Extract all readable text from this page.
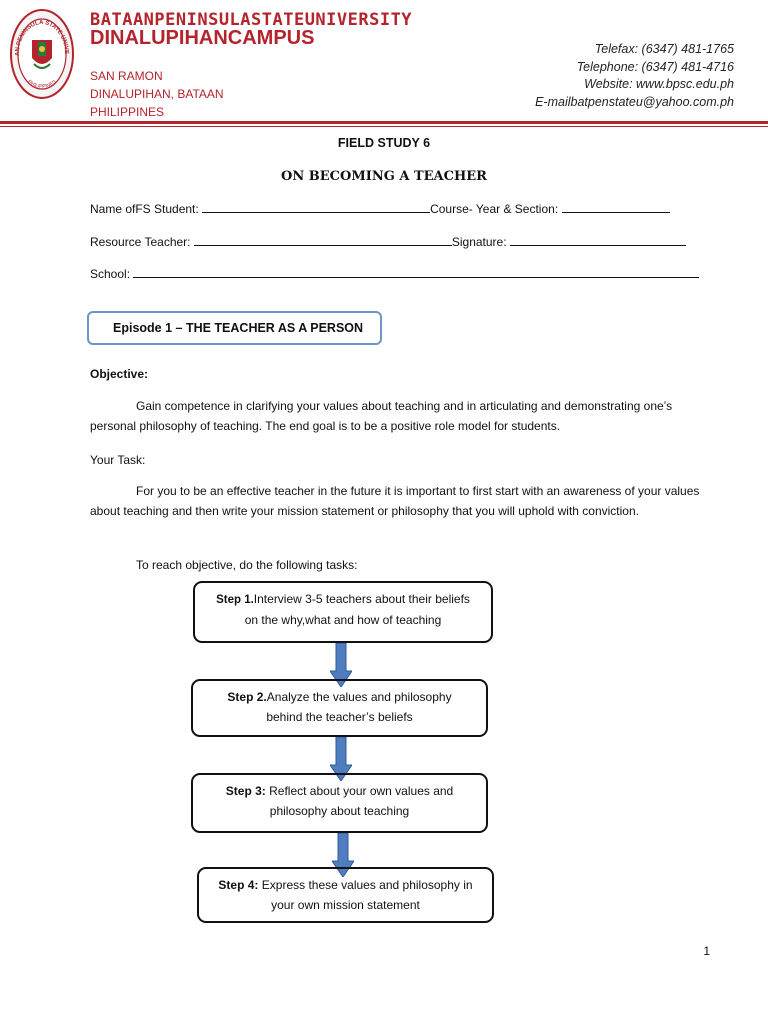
AN PENINSULA STATE UNIVE
PHILIPPINES
BATAANPENINSULASTATEUNIVERSITY
DINALUPIHANCAMPUS
SAN RAMON
DINALUPIHAN, BATAAN
PHILIPPINES
Telefax: (6347) 481-1765
Telephone: (6347) 481-4716
Website: www.bpsc.edu.ph
E-mailbatpenstateu@yahoo.com.ph
FIELD STUDY 6
ON BECOMING A TEACHER
Name ofFS Student:	Course- Year & Section:
Resource Teacher:	Signature:
School:
Episode 1 – THE TEACHER AS A PERSON
Objective:
Gain competence in clarifying your values about teaching and in articulating and demonstrating one’s personal philosophy of teaching. The end goal is to be a positive role model for students.
Your Task:
For you to be an effective teacher in the future it is important to first start with an awareness of your values about teaching and then write your mission statement or philosophy that you will uphold with conviction.
To reach objective, do the following tasks:
Step 1.Interview 3-5 teachers about their beliefs
on the why,what and how of teaching
Step 2.Analyze the values and philosophy
behind the teacher’s beliefs
Step 3: Reflect about your own values and
philosophy about teaching
Step 4: Express these values and philosophy in
your own mission statement
1
